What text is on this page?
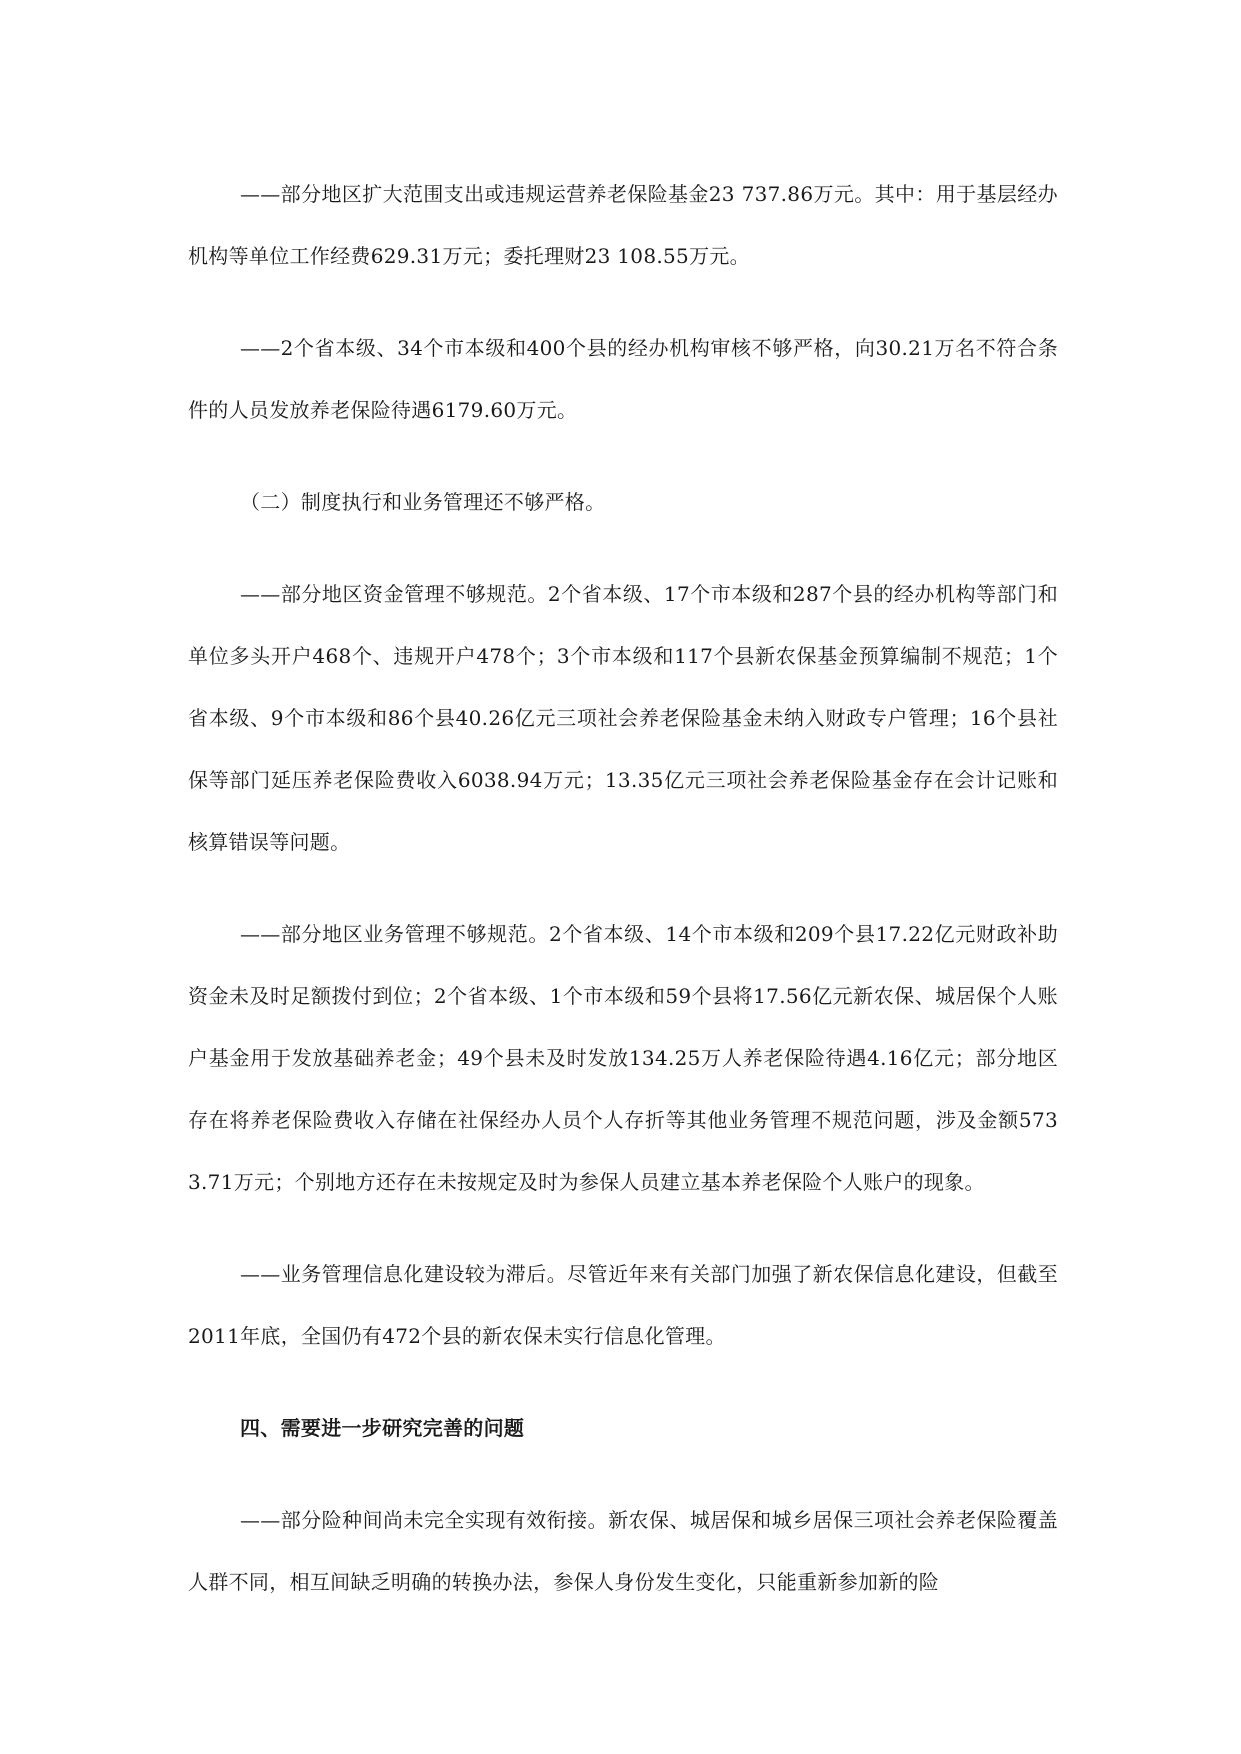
——部分地区扩大范围支出或违规运营养老保险基金23 737.86万元。其中：用于基层经办机构等单位工作经费629.31万元；委托理财23 108.55万元。

——2个省本级、34个市本级和400个县的经办机构审核不够严格，向30.21万名不符合条件的人员发放养老保险待遇6179.60万元。

（二）制度执行和业务管理还不够严格。

——部分地区资金管理不够规范。2个省本级、17个市本级和287个县的经办机构等部门和单位多头开户468个、违规开户478个；3个市本级和117个县新农保基金预算编制不规范；1个省本级、9个市本级和86个县40.26亿元三项社会养老保险基金未纳入财政专户管理；16个县社保等部门延压养老保险费收入6038.94万元；13.35亿元三项社会养老保险基金存在会计记账和核算错误等问题。

——部分地区业务管理不够规范。2个省本级、14个市本级和209个县17.22亿元财政补助资金未及时足额拨付到位；2个省本级、1个市本级和59个县将17.56亿元新农保、城居保个人账户基金用于发放基础养老金；49个县未及时发放134.25万人养老保险待遇4.16亿元；部分地区存在将养老保险费收入存储在社保经办人员个人存折等其他业务管理不规范问题，涉及金额5733.71万元；个别地方还存在未按规定及时为参保人员建立基本养老保险个人账户的现象。

——业务管理信息化建设较为滞后。尽管近年来有关部门加强了新农保信息化建设，但截至2011年底，全国仍有472个县的新农保未实行信息化管理。

四、需要进一步研究完善的问题

——部分险种间尚未完全实现有效衔接。新农保、城居保和城乡居保三项社会养老保险覆盖人群不同，相互间缺乏明确的转换办法，参保人身份发生变化，只能重新参加新的险
